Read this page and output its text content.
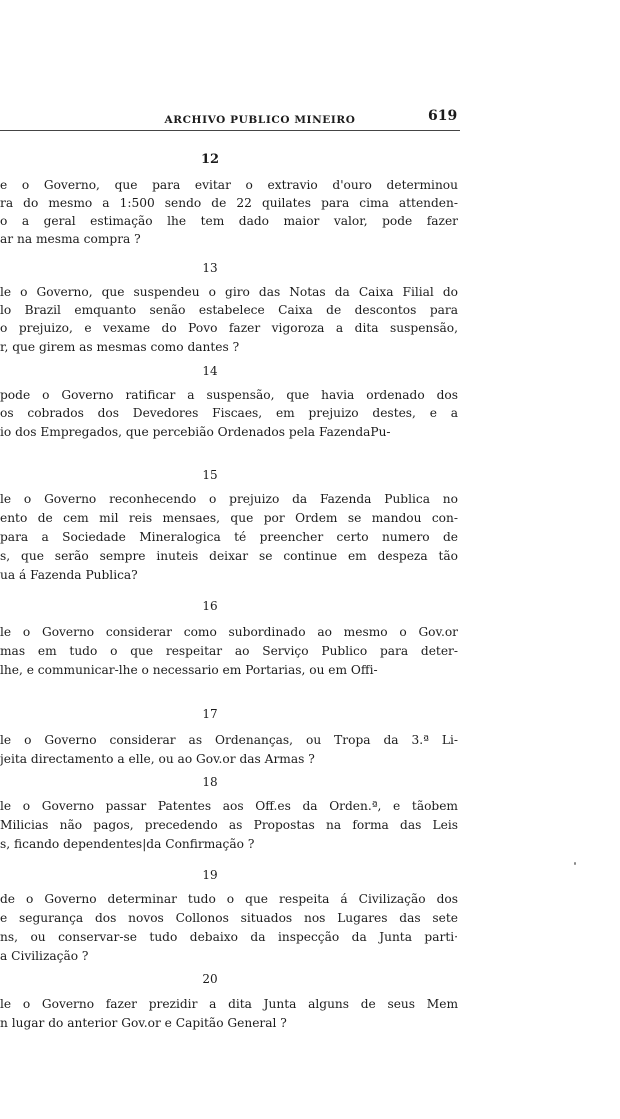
ARCHIVO PUBLICO MINEIRO	619
12
e o Governo, que para evitar o extravio d'ouro determinou
ra do mesmo a 1:500 sendo de 22 quilates para cima attenden-
o a geral estimação lhe tem dado maior valor, pode fazer
ar na mesma compra ?
13
le o Governo, que suspendeu o giro das Notas da Caixa Filial do
lo Brazil emquanto senão estabelece Caixa de descontos para
o prejuizo, e vexame do Povo fazer vigoroza a dita suspensão,
r, que girem as mesmas como dantes ?
14
pode o Governo ratificar a suspensão, que havia ordenado dos
os cobrados dos Devedores Fiscaes, em prejuizo destes, e a
io dos Empregados, que percebião Ordenados pela FazendaPu-
15
le o Governo reconhecendo o prejuizo da Fazenda Publica no
ento de cem mil reis mensaes, que por Ordem se mandou con-
para a Sociedade Mineralogica té preencher certo numero de
s, que serão sempre inuteis deixar se continue em despeza tão
ua á Fazenda Publica?
16
le o Governo considerar como subordinado ao mesmo o Gov.or
mas em tudo o que respeitar ao Serviço Publico para deter-
lhe, e communicar-lhe o necessario em Portarias, ou em Offi-
17
le o Governo considerar as Ordenanças, ou Tropa da 3.ª Li-
jeita directamento a elle, ou ao Gov.or das Armas ?
18
le o Governo passar Patentes aos Off.es da Orden.ª, e tãobem
Milicias não pagos, precedendo as Propostas na forma das Leis
s, ficando dependentes|da Confirmação ?
19
de o Governo determinar tudo o que respeita á Civilização dos
e segurança dos novos Collonos situados nos Lugares das sete
ns, ou conservar-se tudo debaixo da inspecção da Junta parti·
a Civilização ?
20
le o Governo fazer prezidir a dita Junta alguns de seus Mem
n lugar do anterior Gov.or e Capitão General ?
